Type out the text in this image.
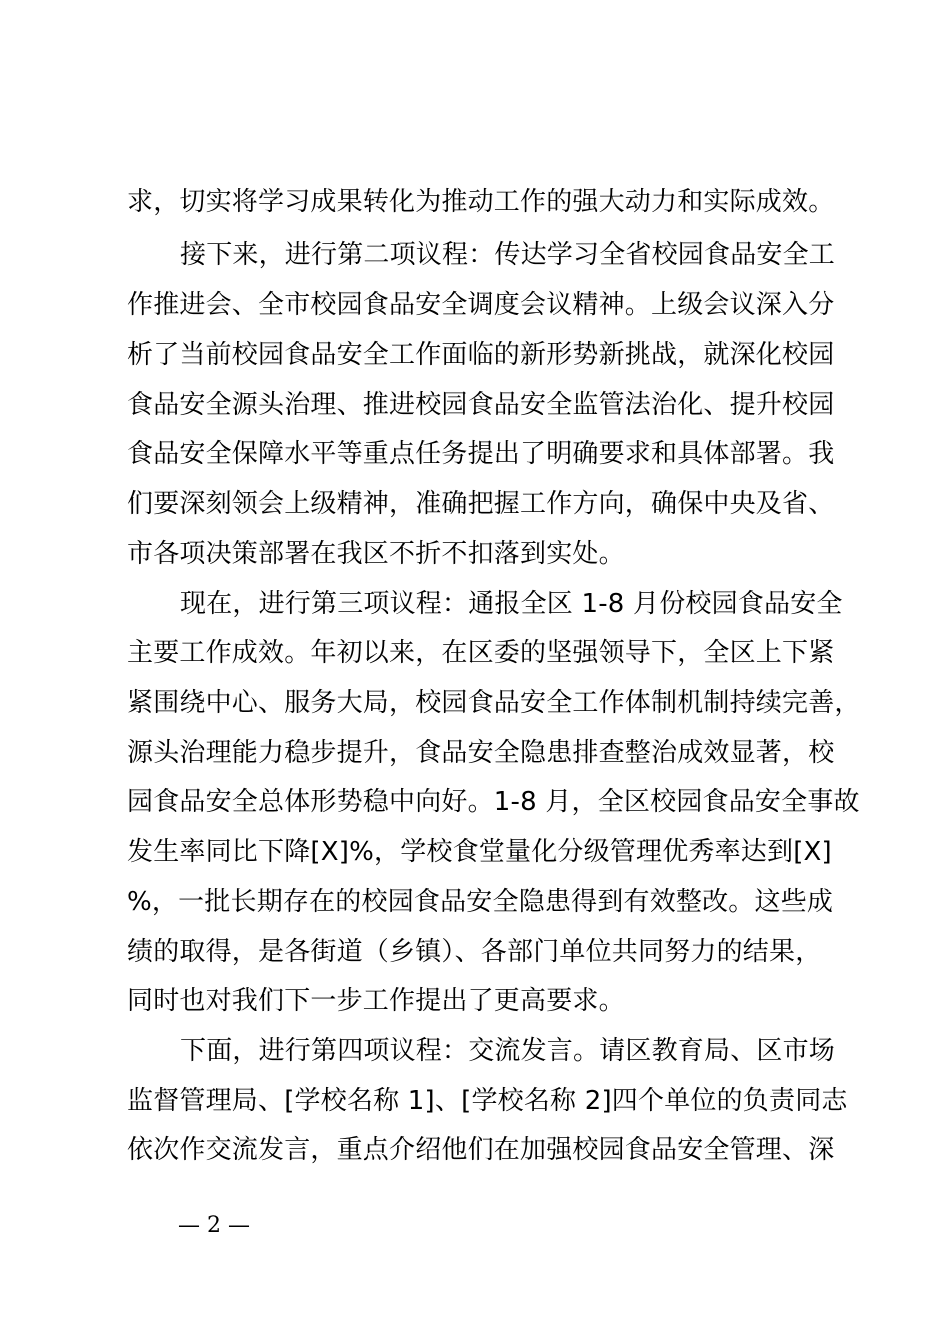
求，切实将学习成果转化为推动工作的强大动力和实际成效。
接下来，进行第二项议程：传达学习全省校园食品安全工
作推进会、全市校园食品安全调度会议精神。上级会议深入分
析了当前校园食品安全工作面临的新形势新挑战，就深化校园
食品安全源头治理、推进校园食品安全监管法治化、提升校园
食品安全保障水平等重点任务提出了明确要求和具体部署。我
们要深刻领会上级精神，准确把握工作方向，确保中央及省、
市各项决策部署在我区不折不扣落到实处。
现在，进行第三项议程：通报全区 1-8 月份校园食品安全
主要工作成效。年初以来，在区委的坚强领导下，全区上下紧
紧围绕中心、服务大局，校园食品安全工作体制机制持续完善，
源头治理能力稳步提升，食品安全隐患排查整治成效显著，校
园食品安全总体形势稳中向好。1-8 月，全区校园食品安全事故
发生率同比下降[X]%，学校食堂量化分级管理优秀率达到[X]
%，一批长期存在的校园食品安全隐患得到有效整改。这些成
绩的取得，是各街道（乡镇）、各部门单位共同努力的结果，
同时也对我们下一步工作提出了更高要求。
下面，进行第四项议程：交流发言。请区教育局、区市场
监督管理局、[学校名称 1]、[学校名称 2]四个单位的负责同志
依次作交流发言，重点介绍他们在加强校园食品安全管理、深
— 2 —
